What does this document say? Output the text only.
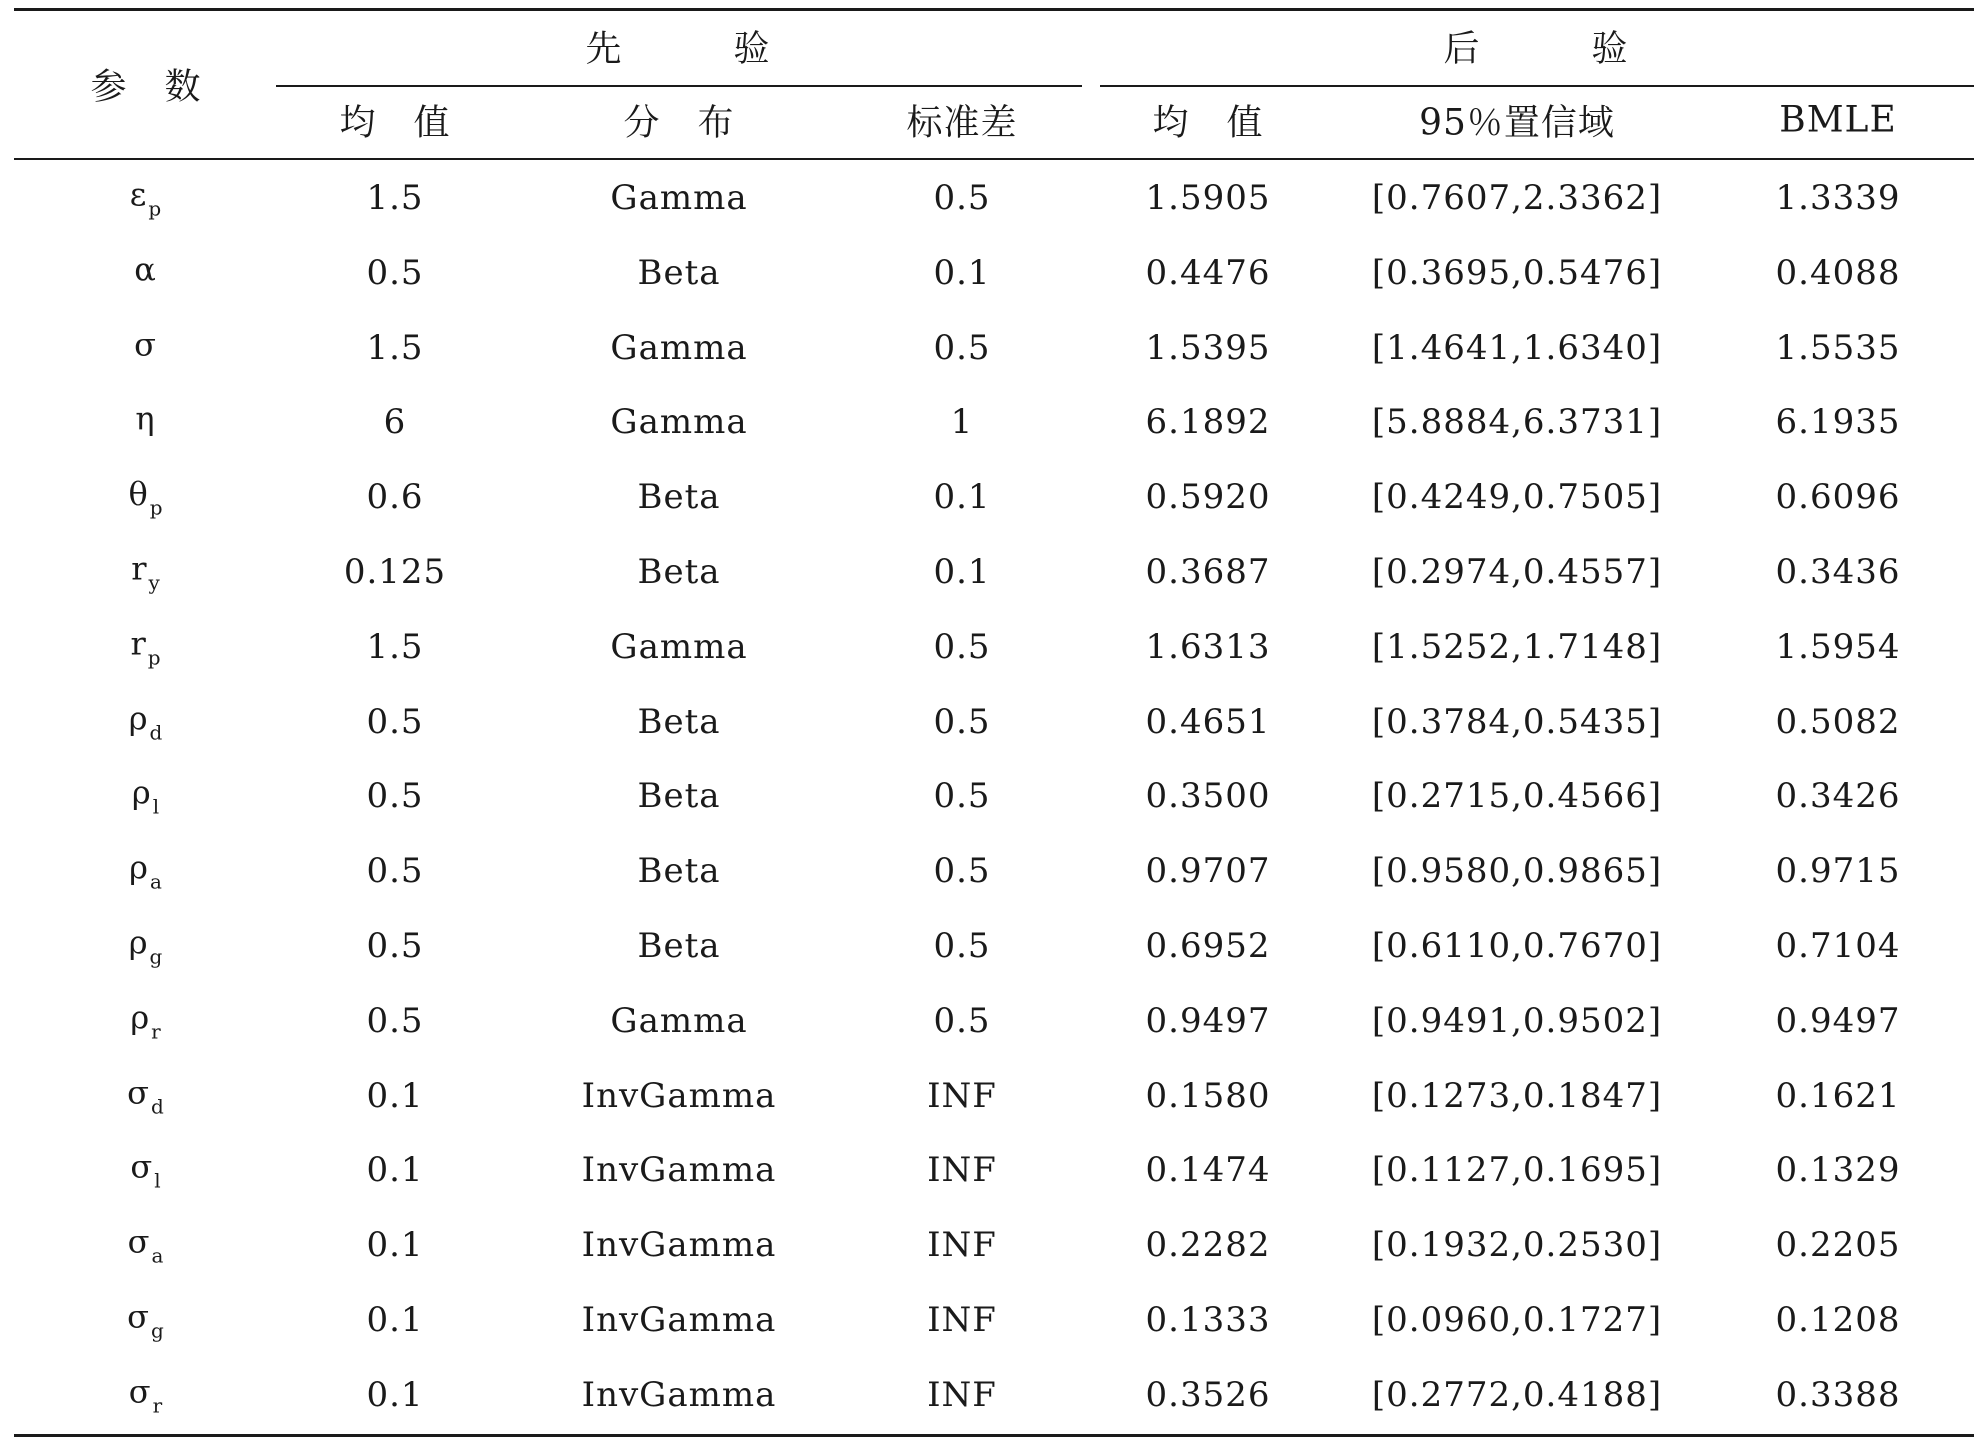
参　数
先　　　验	后　　　验
均　值	分　布	标准差	均　值	95％置信域	BMLE
$\varepsilon_p$	1.5	Gamma	0.5	1.5905	[0.7607,2.3362]	1.3339
α	0.5	Beta	0.1	0.4476	[0.3695,0.5476]	0.4088
σ	1.5	Gamma	0.5	1.5395	[1.4641,1.6340]	1.5535
η	6	Gamma	1	6.1892	[5.8884,6.3731]	6.1935
$\theta_p$	0.6	Beta	0.1	0.5920	[0.4249,0.7505]	0.6096
$r_y$	0.125	Beta	0.1	0.3687	[0.2974,0.4557]	0.3436
$r_p$	1.5	Gamma	0.5	1.6313	[1.5252,1.7148]	1.5954
$\rho_d$	0.5	Beta	0.5	0.4651	[0.3784,0.5435]	0.5082
$\rho_l$	0.5	Beta	0.5	0.3500	[0.2715,0.4566]	0.3426
$\rho_a$	0.5	Beta	0.5	0.9707	[0.9580,0.9865]	0.9715
$\rho_g$	0.5	Beta	0.5	0.6952	[0.6110,0.7670]	0.7104
$\rho_r$	0.5	Gamma	0.5	0.9497	[0.9491,0.9502]	0.9497
$\sigma_d$	0.1	InvGamma	INF	0.1580	[0.1273,0.1847]	0.1621
$\sigma_l$	0.1	InvGamma	INF	0.1474	[0.1127,0.1695]	0.1329
$\sigma_a$	0.1	InvGamma	INF	0.2282	[0.1932,0.2530]	0.2205
$\sigma_g$	0.1	InvGamma	INF	0.1333	[0.0960,0.1727]	0.1208
$\sigma_r$	0.1	InvGamma	INF	0.3526	[0.2772,0.4188]	0.3388
